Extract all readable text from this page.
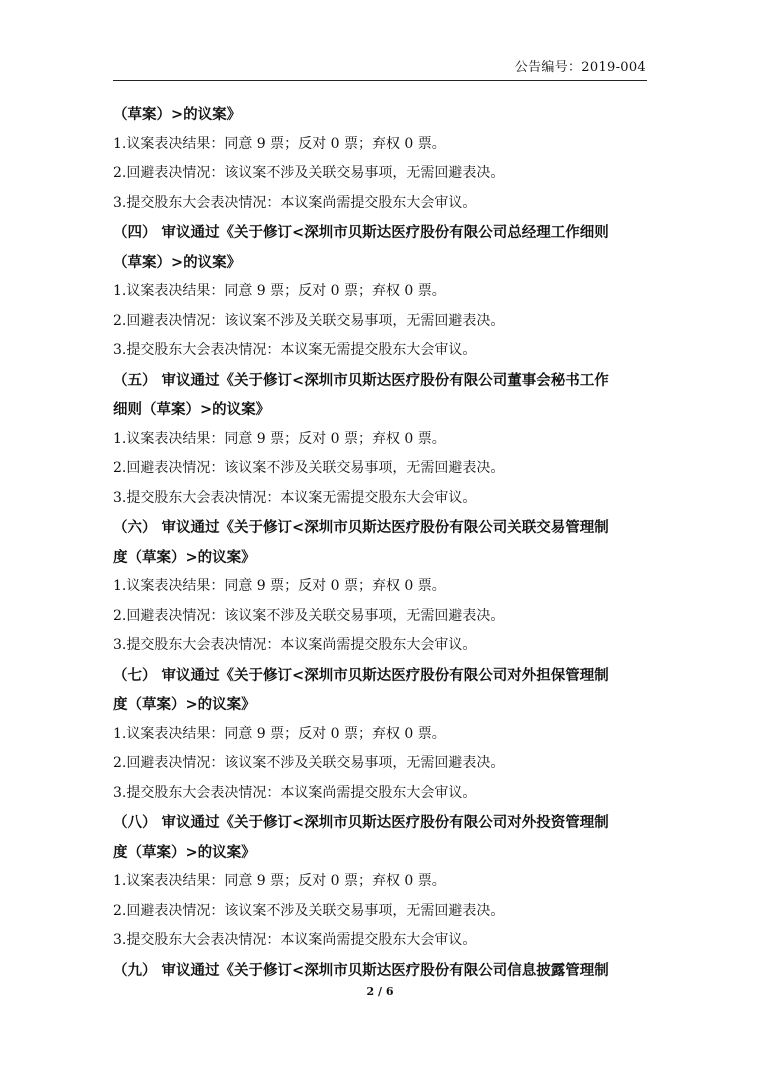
公告编号：2019-004
（草案）>的议案》
1.议案表决结果：同意 9 票；反对 0 票；弃权 0 票。
2.回避表决情况：该议案不涉及关联交易事项，无需回避表决。
3.提交股东大会表决情况：本议案尚需提交股东大会审议。
（四） 审议通过《关于修订<深圳市贝斯达医疗股份有限公司总经理工作细则
（草案）>的议案》
1.议案表决结果：同意 9 票；反对 0 票；弃权 0 票。
2.回避表决情况：该议案不涉及关联交易事项，无需回避表决。
3.提交股东大会表决情况：本议案无需提交股东大会审议。
（五） 审议通过《关于修订<深圳市贝斯达医疗股份有限公司董事会秘书工作
细则（草案）>的议案》
1.议案表决结果：同意 9 票；反对 0 票；弃权 0 票。
2.回避表决情况：该议案不涉及关联交易事项，无需回避表决。
3.提交股东大会表决情况：本议案无需提交股东大会审议。
（六） 审议通过《关于修订<深圳市贝斯达医疗股份有限公司关联交易管理制
度（草案）>的议案》
1.议案表决结果：同意 9 票；反对 0 票；弃权 0 票。
2.回避表决情况：该议案不涉及关联交易事项，无需回避表决。
3.提交股东大会表决情况：本议案尚需提交股东大会审议。
（七） 审议通过《关于修订<深圳市贝斯达医疗股份有限公司对外担保管理制
度（草案）>的议案》
1.议案表决结果：同意 9 票；反对 0 票；弃权 0 票。
2.回避表决情况：该议案不涉及关联交易事项，无需回避表决。
3.提交股东大会表决情况：本议案尚需提交股东大会审议。
（八） 审议通过《关于修订<深圳市贝斯达医疗股份有限公司对外投资管理制
度（草案）>的议案》
1.议案表决结果：同意 9 票；反对 0 票；弃权 0 票。
2.回避表决情况：该议案不涉及关联交易事项，无需回避表决。
3.提交股东大会表决情况：本议案尚需提交股东大会审议。
（九） 审议通过《关于修订<深圳市贝斯达医疗股份有限公司信息披露管理制
2 / 6
